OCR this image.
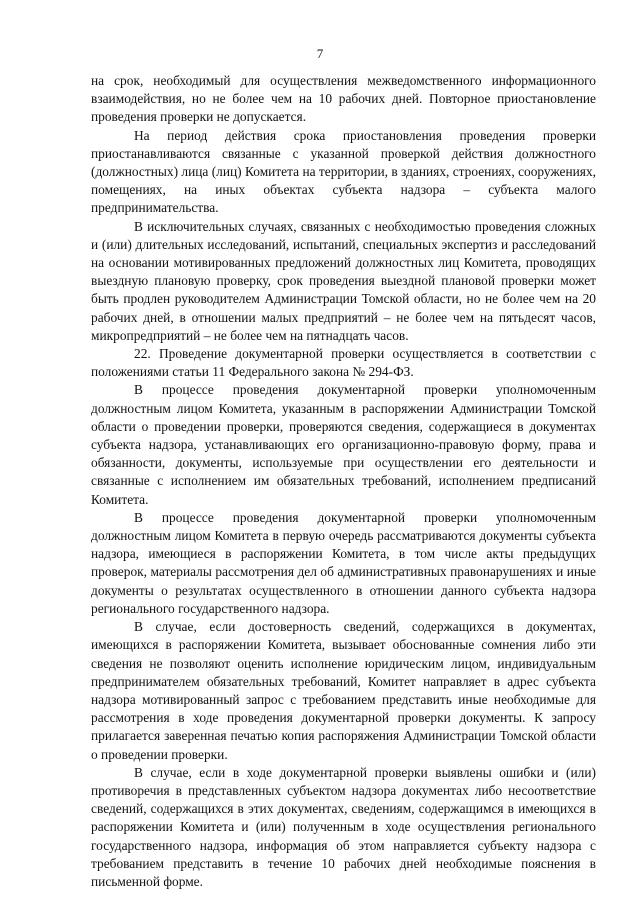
7

на срок, необходимый для осуществления межведомственного информационного взаимодействия, но не более чем на 10 рабочих дней. Повторное приостановление проведения проверки не допускается.

На период действия срока приостановления проведения проверки приостанавливаются связанные с указанной проверкой действия должностного (должностных) лица (лиц) Комитета на территории, в зданиях, строениях, сооружениях, помещениях, на иных объектах субъекта надзора – субъекта малого предпринимательства.

В исключительных случаях, связанных с необходимостью проведения сложных и (или) длительных исследований, испытаний, специальных экспертиз и расследований на основании мотивированных предложений должностных лиц Комитета, проводящих выездную плановую проверку, срок проведения выездной плановой проверки может быть продлен руководителем Администрации Томской области, но не более чем на 20 рабочих дней, в отношении малых предприятий – не более чем на пятьдесят часов, микропредприятий – не более чем на пятнадцать часов.

22. Проведение документарной проверки осуществляется в соответствии с положениями статьи 11 Федерального закона № 294-ФЗ.

В процессе проведения документарной проверки уполномоченным должностным лицом Комитета, указанным в распоряжении Администрации Томской области о проведении проверки, проверяются сведения, содержащиеся в документах субъекта надзора, устанавливающих его организационно-правовую форму, права и обязанности, документы, используемые при осуществлении его деятельности и связанные с исполнением им обязательных требований, исполнением предписаний Комитета.

В процессе проведения документарной проверки уполномоченным должностным лицом Комитета в первую очередь рассматриваются документы субъекта надзора, имеющиеся в распоряжении Комитета, в том числе акты предыдущих проверок, материалы рассмотрения дел об административных правонарушениях и иные документы о результатах осуществленного в отношении данного субъекта надзора регионального государственного надзора.

В случае, если достоверность сведений, содержащихся в документах, имеющихся в распоряжении Комитета, вызывает обоснованные сомнения либо эти сведения не позволяют оценить исполнение юридическим лицом, индивидуальным предпринимателем обязательных требований, Комитет направляет в адрес субъекта надзора мотивированный запрос с требованием представить иные необходимые для рассмотрения в ходе проведения документарной проверки документы. К запросу прилагается заверенная печатью копия распоряжения Администрации Томской области о проведении проверки.

В случае, если в ходе документарной проверки выявлены ошибки и (или) противоречия в представленных субъектом надзора документах либо несоответствие сведений, содержащихся в этих документах, сведениям, содержащимся в имеющихся в распоряжении Комитета и (или) полученным в ходе осуществления регионального государственного надзора, информация об этом направляется субъекту надзора с требованием представить в течение 10 рабочих дней необходимые пояснения в письменной форме.
